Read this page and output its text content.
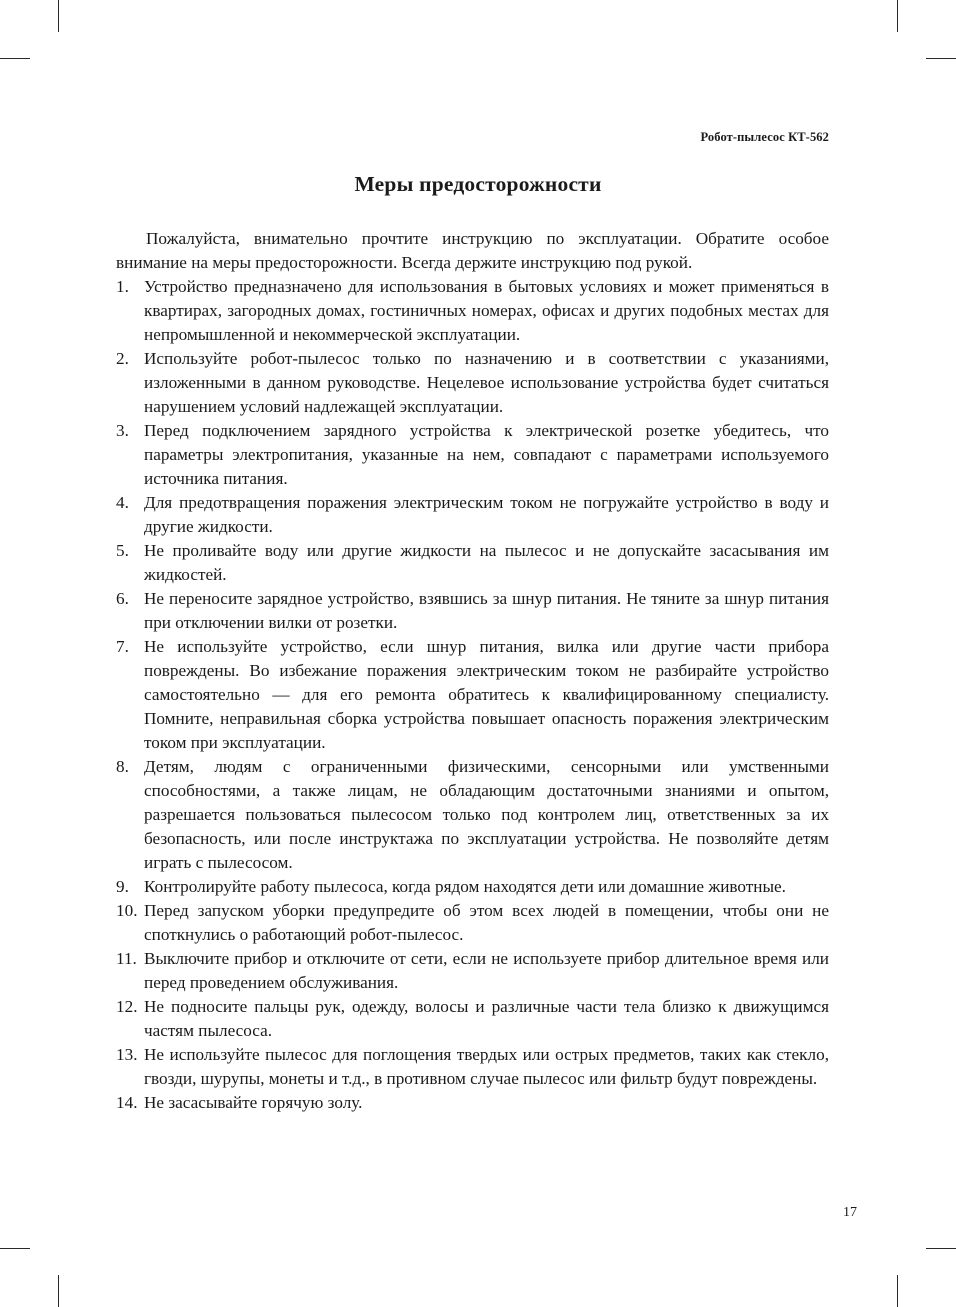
Робот-пылесос КТ-562
Меры предосторожности

Пожалуйста, внимательно прочтите инструкцию по эксплуатации. Обратите особое внимание на меры предосторожности. Всегда держите инструкцию под рукой.

1. Устройство предназначено для использования в бытовых условиях и может применяться в квартирах, загородных домах, гостиничных номерах, офисах и других подобных местах для непромышленной и некоммерческой эксплуатации.
2. Используйте робот-пылесос только по назначению и в соответствии с указаниями, изложенными в данном руководстве. Нецелевое использование устройства будет считаться нарушением условий надлежащей эксплуатации.
3. Перед подключением зарядного устройства к электрической розетке убедитесь, что параметры электропитания, указанные на нем, совпадают с параметрами используемого источника питания.
4. Для предотвращения поражения электрическим током не погружайте устройство в воду и другие жидкости.
5. Не проливайте воду или другие жидкости на пылесос и не допускайте засасывания им жидкостей.
6. Не переносите зарядное устройство, взявшись за шнур питания. Не тяните за шнур питания при отключении вилки от розетки.
7. Не используйте устройство, если шнур питания, вилка или другие части прибора повреждены. Во избежание поражения электрическим током не разбирайте устройство самостоятельно — для его ремонта обратитесь к квалифицированному специалисту. Помните, неправильная сборка устройства повышает опасность поражения электрическим током при эксплуатации.
8. Детям, людям с ограниченными физическими, сенсорными или умственными способностями, а также лицам, не обладающим достаточными знаниями и опытом, разрешается пользоваться пылесосом только под контролем лиц, ответственных за их безопасность, или после инструктажа по эксплуатации устройства. Не позволяйте детям играть с пылесосом.
9. Контролируйте работу пылесоса, когда рядом находятся дети или домашние животные.
10. Перед запуском уборки предупредите об этом всех людей в помещении, чтобы они не споткнулись о работающий робот-пылесос.
11. Выключите прибор и отключите от сети, если не используете прибор длительное время или перед проведением обслуживания.
12. Не подносите пальцы рук, одежду, волосы и различные части тела близко к движущимся частям пылесоса.
13. Не используйте пылесос для поглощения твердых или острых предметов, таких как стекло, гвозди, шурупы, монеты и т.д., в противном случае пылесос или фильтр будут повреждены.
14. Не засасывайте горячую золу.
17
